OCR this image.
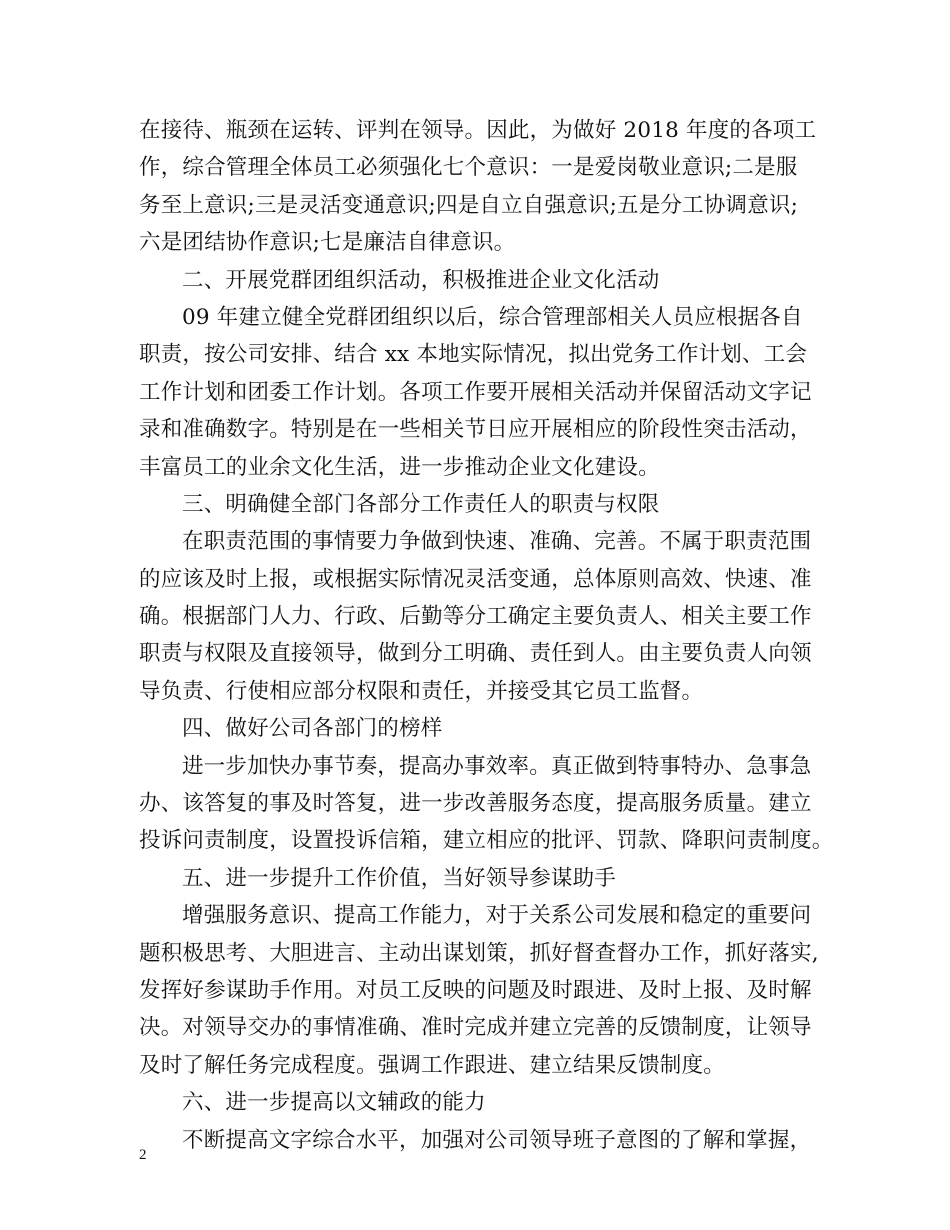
在接待、瓶颈在运转、评判在领导。因此，为做好 2018 年度的各项工
作，综合管理全体员工必须强化七个意识：一是爱岗敬业意识;二是服
务至上意识;三是灵活变通意识;四是自立自强意识;五是分工协调意识;
六是团结协作意识;七是廉洁自律意识。
二、开展党群团组织活动，积极推进企业文化活动
09 年建立健全党群团组织以后，综合管理部相关人员应根据各自
职责，按公司安排、结合 xx 本地实际情况，拟出党务工作计划、工会
工作计划和团委工作计划。各项工作要开展相关活动并保留活动文字记
录和准确数字。特别是在一些相关节日应开展相应的阶段性突击活动，
丰富员工的业余文化生活，进一步推动企业文化建设。
三、明确健全部门各部分工作责任人的职责与权限
在职责范围的事情要力争做到快速、准确、完善。不属于职责范围
的应该及时上报，或根据实际情况灵活变通，总体原则高效、快速、准
确。根据部门人力、行政、后勤等分工确定主要负责人、相关主要工作
职责与权限及直接领导，做到分工明确、责任到人。由主要负责人向领
导负责、行使相应部分权限和责任，并接受其它员工监督。
四、做好公司各部门的榜样
进一步加快办事节奏，提高办事效率。真正做到特事特办、急事急
办、该答复的事及时答复，进一步改善服务态度，提高服务质量。建立
投诉问责制度，设置投诉信箱，建立相应的批评、罚款、降职问责制度。
五、进一步提升工作价值，当好领导参谋助手
增强服务意识、提高工作能力，对于关系公司发展和稳定的重要问
题积极思考、大胆进言、主动出谋划策，抓好督查督办工作，抓好落实,
发挥好参谋助手作用。对员工反映的问题及时跟进、及时上报、及时解
决。对领导交办的事情准确、准时完成并建立完善的反馈制度，让领导
及时了解任务完成程度。强调工作跟进、建立结果反馈制度。
六、进一步提高以文辅政的能力
不断提高文字综合水平，加强对公司领导班子意图的了解和掌握，
2
